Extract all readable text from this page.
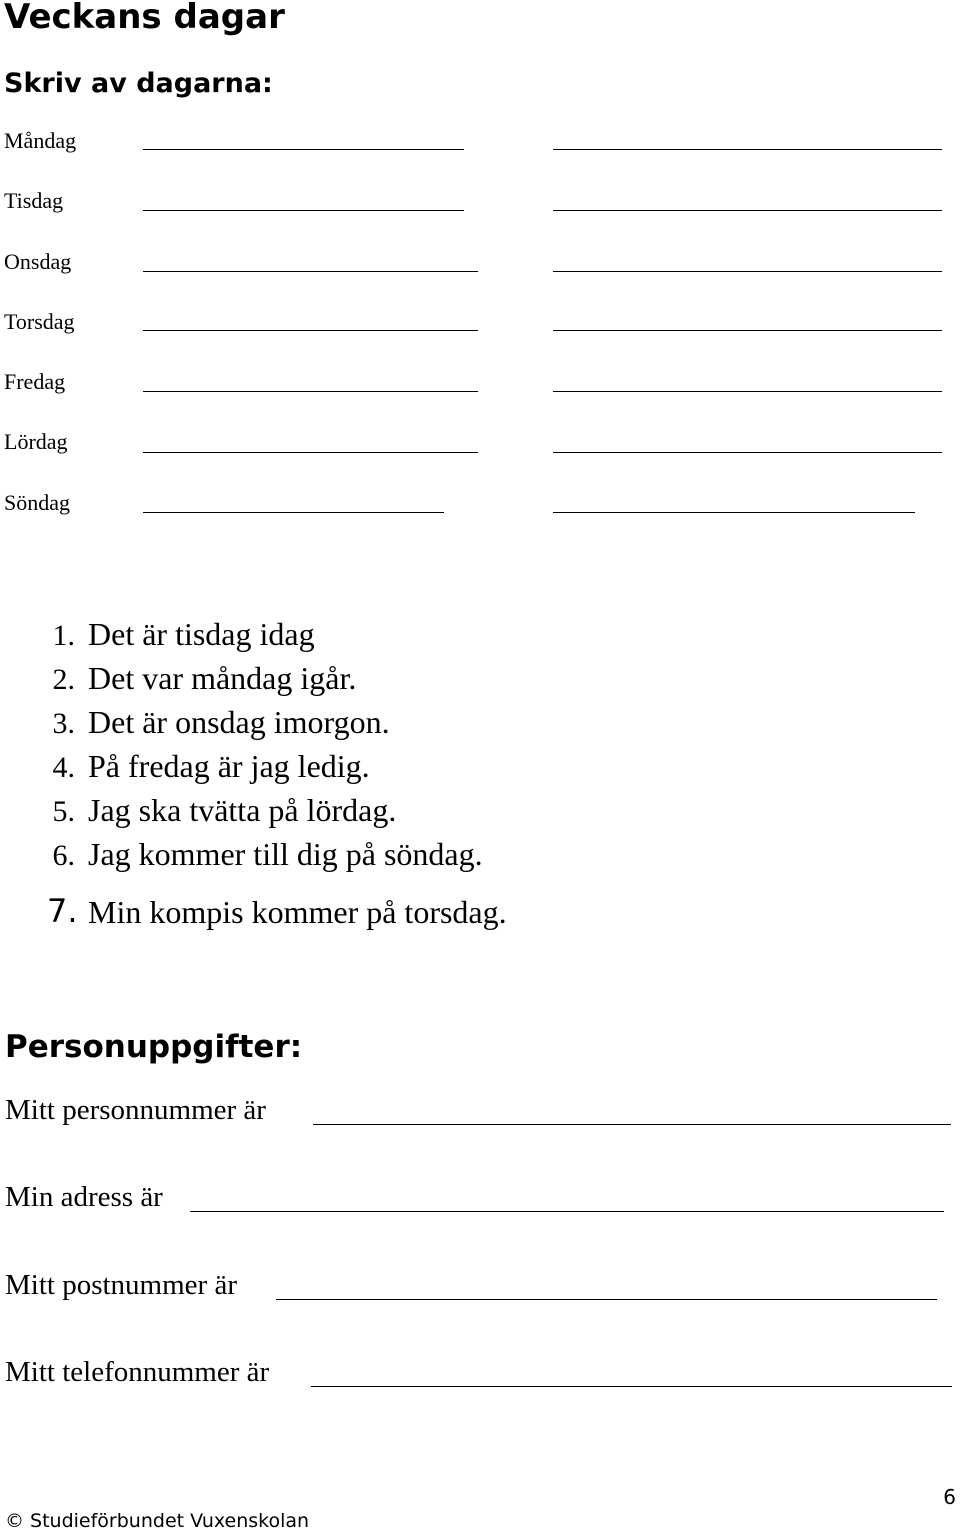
Veckans dagar
Skriv av dagarna:
Måndag
Tisdag
Onsdag
Torsdag
Fredag
Lördag
Söndag
1. Det är tisdag idag
2. Det var måndag igår.
3. Det är onsdag imorgon.
4. På fredag är jag ledig.
5. Jag ska tvätta på lördag.
6. Jag kommer till dig på söndag.
7. Min kompis kommer på torsdag.
Personuppgifter:
Mitt personnummer är
Min adress är
Mitt postnummer är
Mitt telefonnummer är
6
© Studieförbundet Vuxenskolan
